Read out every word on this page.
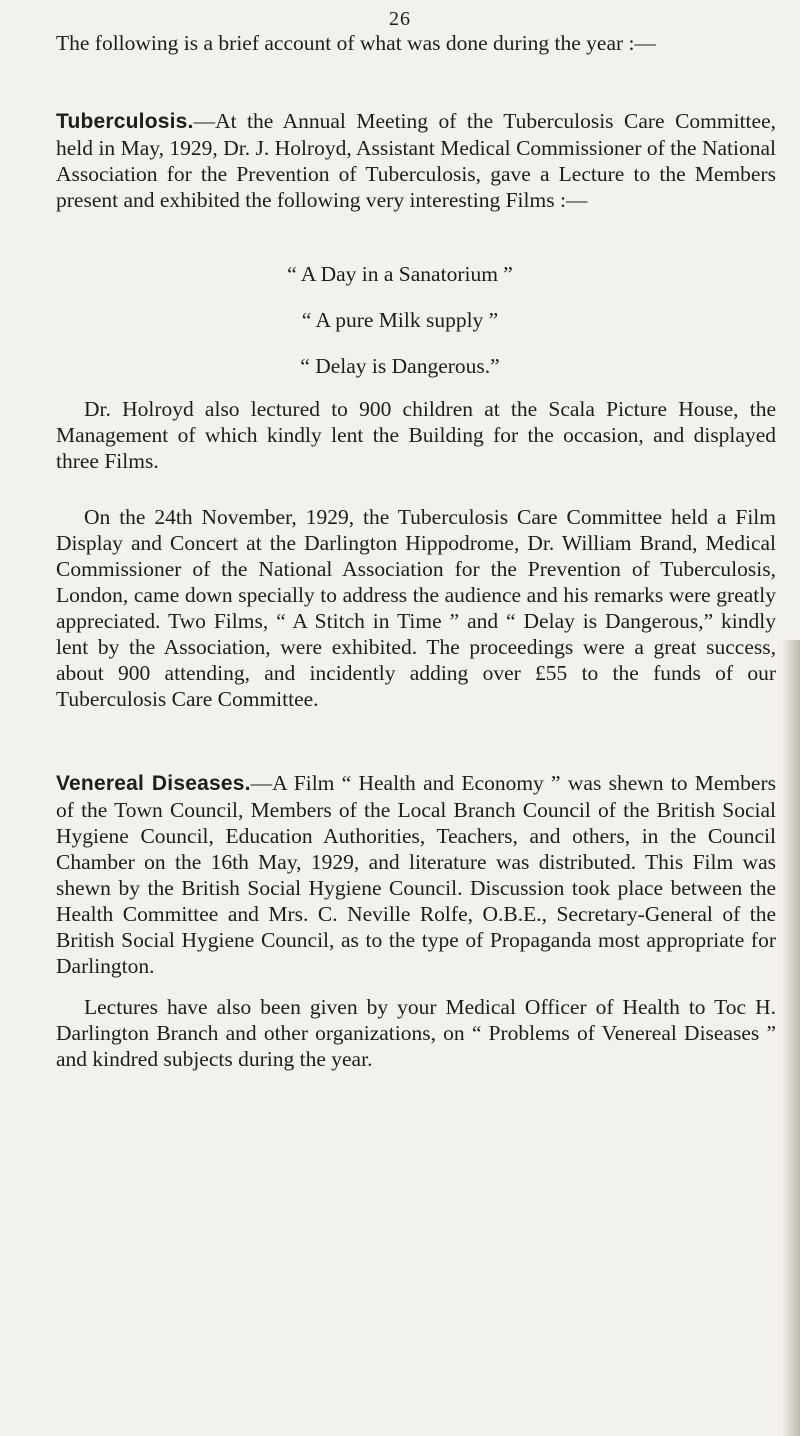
26
The following is a brief account of what was done during the year :—
Tuberculosis.—At the Annual Meeting of the Tuberculosis Care Committee, held in May, 1929, Dr. J. Holroyd, Assistant Medical Commissioner of the National Association for the Prevention of Tuberculosis, gave a Lecture to the Members present and exhibited the following very interesting Films :—
“ A Day in a Sanatorium ”
“ A pure Milk supply ”
“ Delay is Dangerous.”
Dr. Holroyd also lectured to 900 children at the Scala Picture House, the Management of which kindly lent the Building for the occasion, and displayed three Films.
On the 24th November, 1929, the Tuberculosis Care Committee held a Film Display and Concert at the Darlington Hippodrome, Dr. William Brand, Medical Commissioner of the National Association for the Prevention of Tuberculosis, London, came down specially to address the audience and his remarks were greatly appreciated. Two Films, “ A Stitch in Time ” and “ Delay is Dangerous,” kindly lent by the Association, were exhibited. The proceedings were a great success, about 900 attending, and incidently adding over £55 to the funds of our Tuberculosis Care Committee.
Venereal Diseases.—A Film “ Health and Economy ” was shewn to Members of the Town Council, Members of the Local Branch Council of the British Social Hygiene Council, Education Authorities, Teachers, and others, in the Council Chamber on the 16th May, 1929, and literature was distributed. This Film was shewn by the British Social Hygiene Council. Discussion took place between the Health Committee and Mrs. C. Neville Rolfe, O.B.E., Secretary-General of the British Social Hygiene Council, as to the type of Propaganda most appropriate for Darlington.
Lectures have also been given by your Medical Officer of Health to Toc H. Darlington Branch and other organizations, on “ Problems of Venereal Diseases ” and kindred subjects during the year.
